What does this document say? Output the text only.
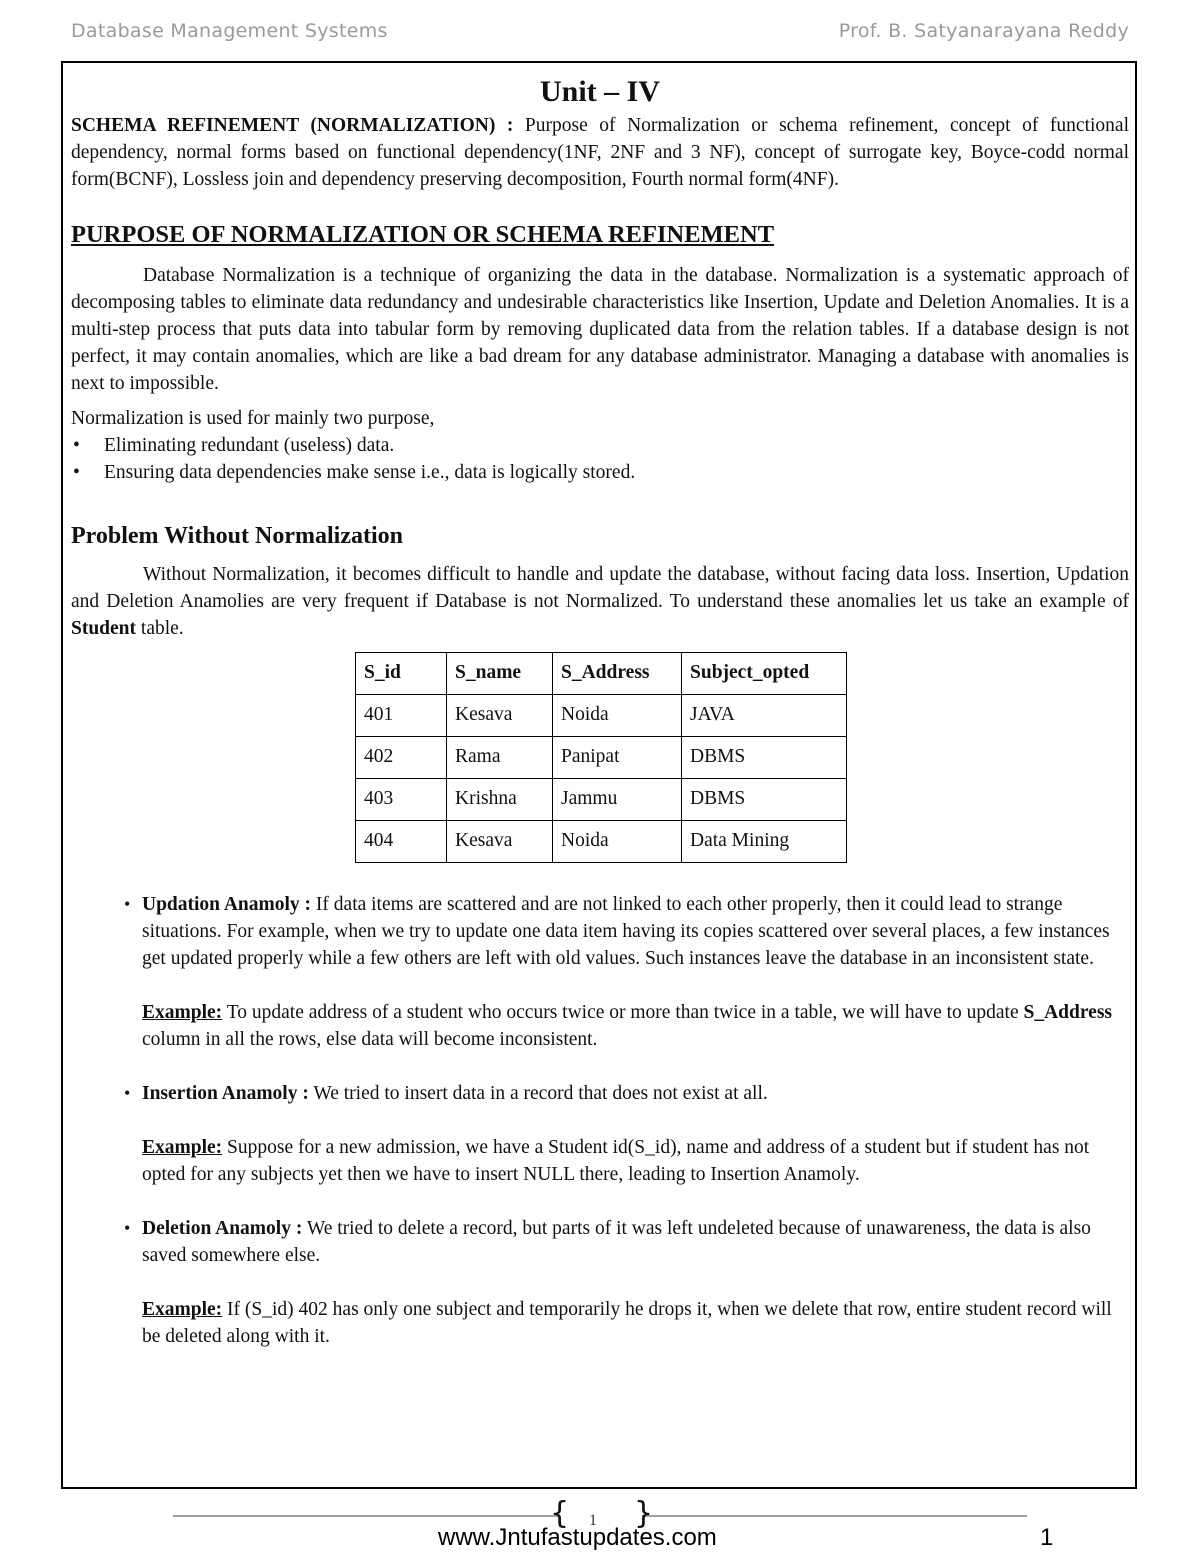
Database Management Systems	Prof. B. Satyanarayana Reddy
Unit – IV

SCHEMA REFINEMENT (NORMALIZATION) : Purpose of Normalization or schema refinement, concept of functional dependency, normal forms based on functional dependency(1NF, 2NF and 3 NF), concept of surrogate key, Boyce-codd normal form(BCNF), Lossless join and dependency preserving decomposition, Fourth normal form(4NF).

PURPOSE OF NORMALIZATION OR SCHEMA REFINEMENT

Database Normalization is a technique of organizing the data in the database. Normalization is a systematic approach of decomposing tables to eliminate data redundancy and undesirable characteristics like Insertion, Update and Deletion Anomalies. It is a multi-step process that puts data into tabular form by removing duplicated data from the relation tables. If a database design is not perfect, it may contain anomalies, which are like a bad dream for any database administrator. Managing a database with anomalies is next to impossible.

Normalization is used for mainly two purpose,

• Eliminating redundant (useless) data.
• Ensuring data dependencies make sense i.e., data is logically stored.
Problem Without Normalization

Without Normalization, it becomes difficult to handle and update the database, without facing data loss. Insertion, Updation and Deletion Anamolies are very frequent if Database is not Normalized. To understand these anomalies let us take an example of Student table.

S_id	S_name	S_Address	Subject_opted
401	Kesava	Noida	JAVA
402	Rama	Panipat	DBMS
403	Krishna	Jammu	DBMS
404	Kesava	Noida	Data Mining
• Updation Anamoly : If data items are scattered and are not linked to each other properly, then it could lead to strange situations. For example, when we try to update one data item having its copies scattered over several places, a few instances get updated properly while a few others are left with old values. Such instances leave the database in an inconsistent state.
Example: To update address of a student who occurs twice or more than twice in a table, we will have to update S_Address column in all the rows, else data will become inconsistent.
• Insertion Anamoly : We tried to insert data in a record that does not exist at all.
Example: Suppose for a new admission, we have a Student id(S_id), name and address of a student but if student has not opted for any subjects yet then we have to insert NULL there, leading to Insertion Anamoly.
• Deletion Anamoly : We tried to delete a record, but parts of it was left undeleted because of unawareness, the data is also saved somewhere else.
Example: If (S_id) 402 has only one subject and temporarily he drops it, when we delete that row, entire student record will be deleted along with it.
{ }
1
www.Jntufastupdates.com	1
